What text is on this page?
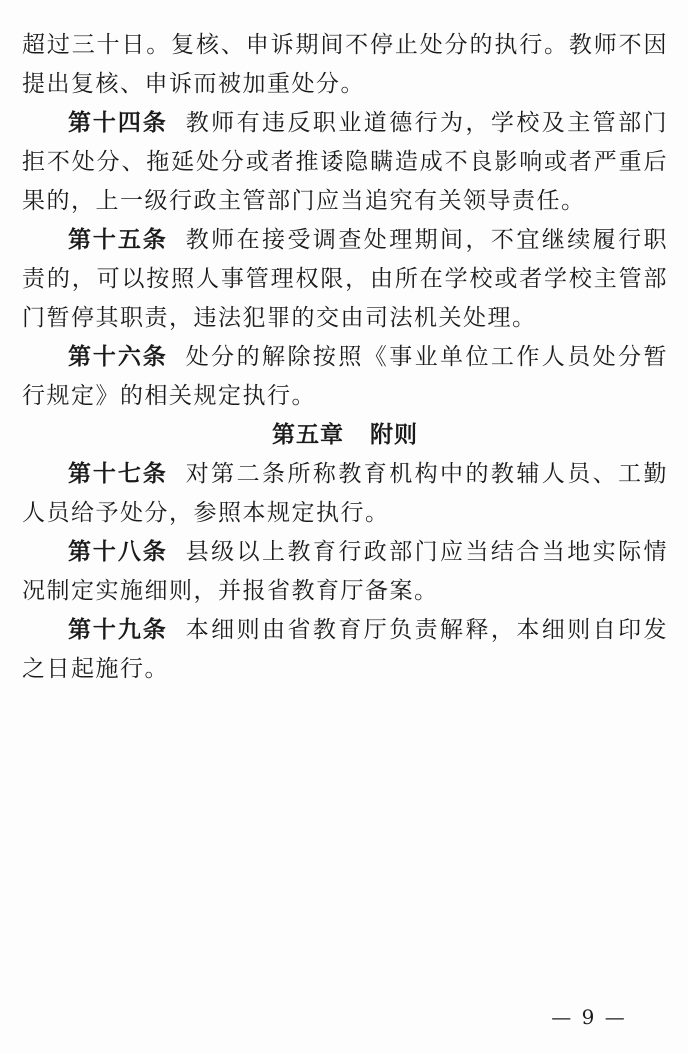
超过三十日。复核、申诉期间不停止处分的执行。教师不因提出复核、申诉而被加重处分。

第十四条 教师有违反职业道德行为，学校及主管部门拒不处分、拖延处分或者推诿隐瞒造成不良影响或者严重后果的，上一级行政主管部门应当追究有关领导责任。

第十五条 教师在接受调查处理期间，不宜继续履行职责的，可以按照人事管理权限，由所在学校或者学校主管部门暂停其职责，违法犯罪的交由司法机关处理。

第十六条 处分的解除按照《事业单位工作人员处分暂行规定》的相关规定执行。

第五章 附则

第十七条 对第二条所称教育机构中的教辅人员、工勤人员给予处分，参照本规定执行。

第十八条 县级以上教育行政部门应当结合当地实际情况制定实施细则，并报省教育厅备案。

第十九条 本细则由省教育厅负责解释，本细则自印发之日起施行。

— 9 —
